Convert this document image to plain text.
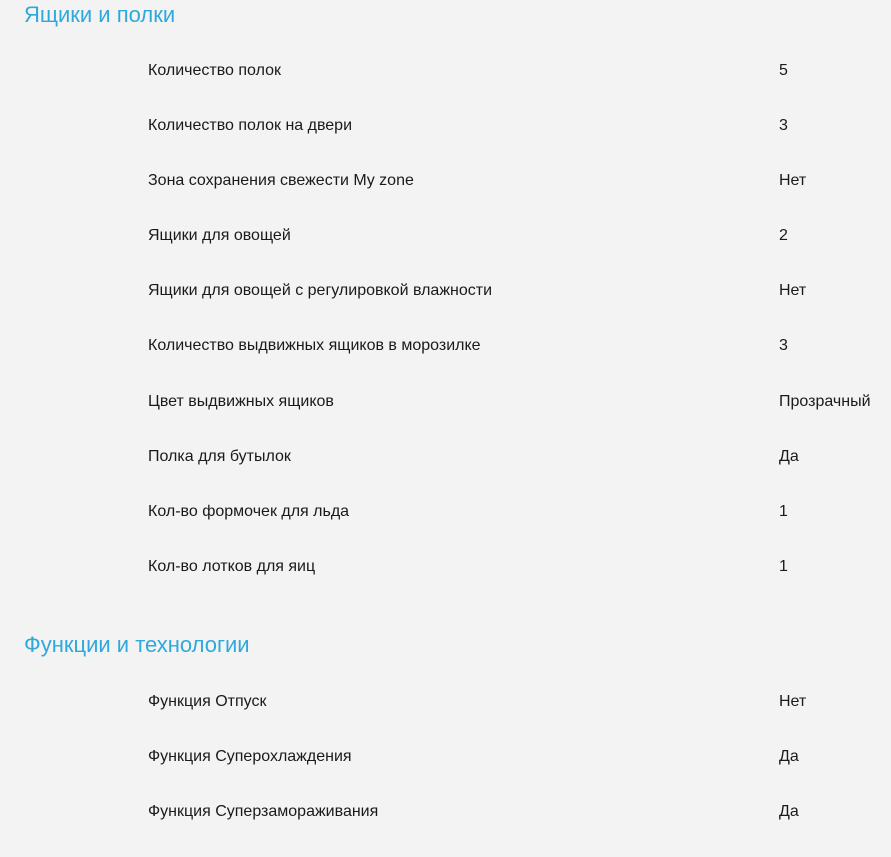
Ящики и полки
Количество полок	5
Количество полок на двери	3
Зона сохранения свежести My zone	Нет
Ящики для овощей	2
Ящики для овощей с регулировкой влажности	Нет
Количество выдвижных ящиков в морозилке	3
Цвет выдвижных ящиков	Прозрачный
Полка для бутылок	Да
Кол-во формочек для льда	1
Кол-во лотков для яиц	1
Функции и технологии
Функция Отпуск	Нет
Функция Суперохлаждения	Да
Функция Суперзамораживания	Да
